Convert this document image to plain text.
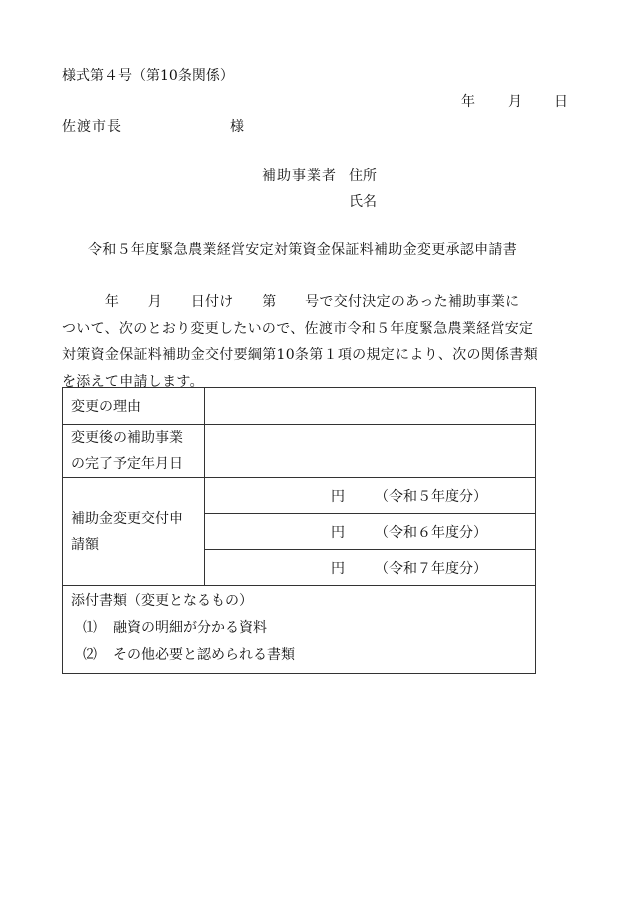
様式第４号（第10条関係）
年 月 日
佐渡市長	様
補助事業者 住所
氏名
令和５年度緊急農業経営安定対策資金保証料補助金変更承認申請書
　　　年　　月　　日付け　　第　　号で交付決定のあった補助事業に
ついて、次のとおり変更したいので、佐渡市令和５年度緊急農業経営安定
対策資金保証料補助金交付要綱第10条第１項の規定により、次の関係書類
を添えて申請します。
変更の理由	

変更後の補助事業
の完了予定年月日	

補助金変更交付申
請額	円 （令和５年度分）
	円 （令和６年度分）
	円 （令和７年度分）

添付書類（変更となるもの）
⑴ 融資の明細が分かる資料
⑵ その他必要と認められる書類	
